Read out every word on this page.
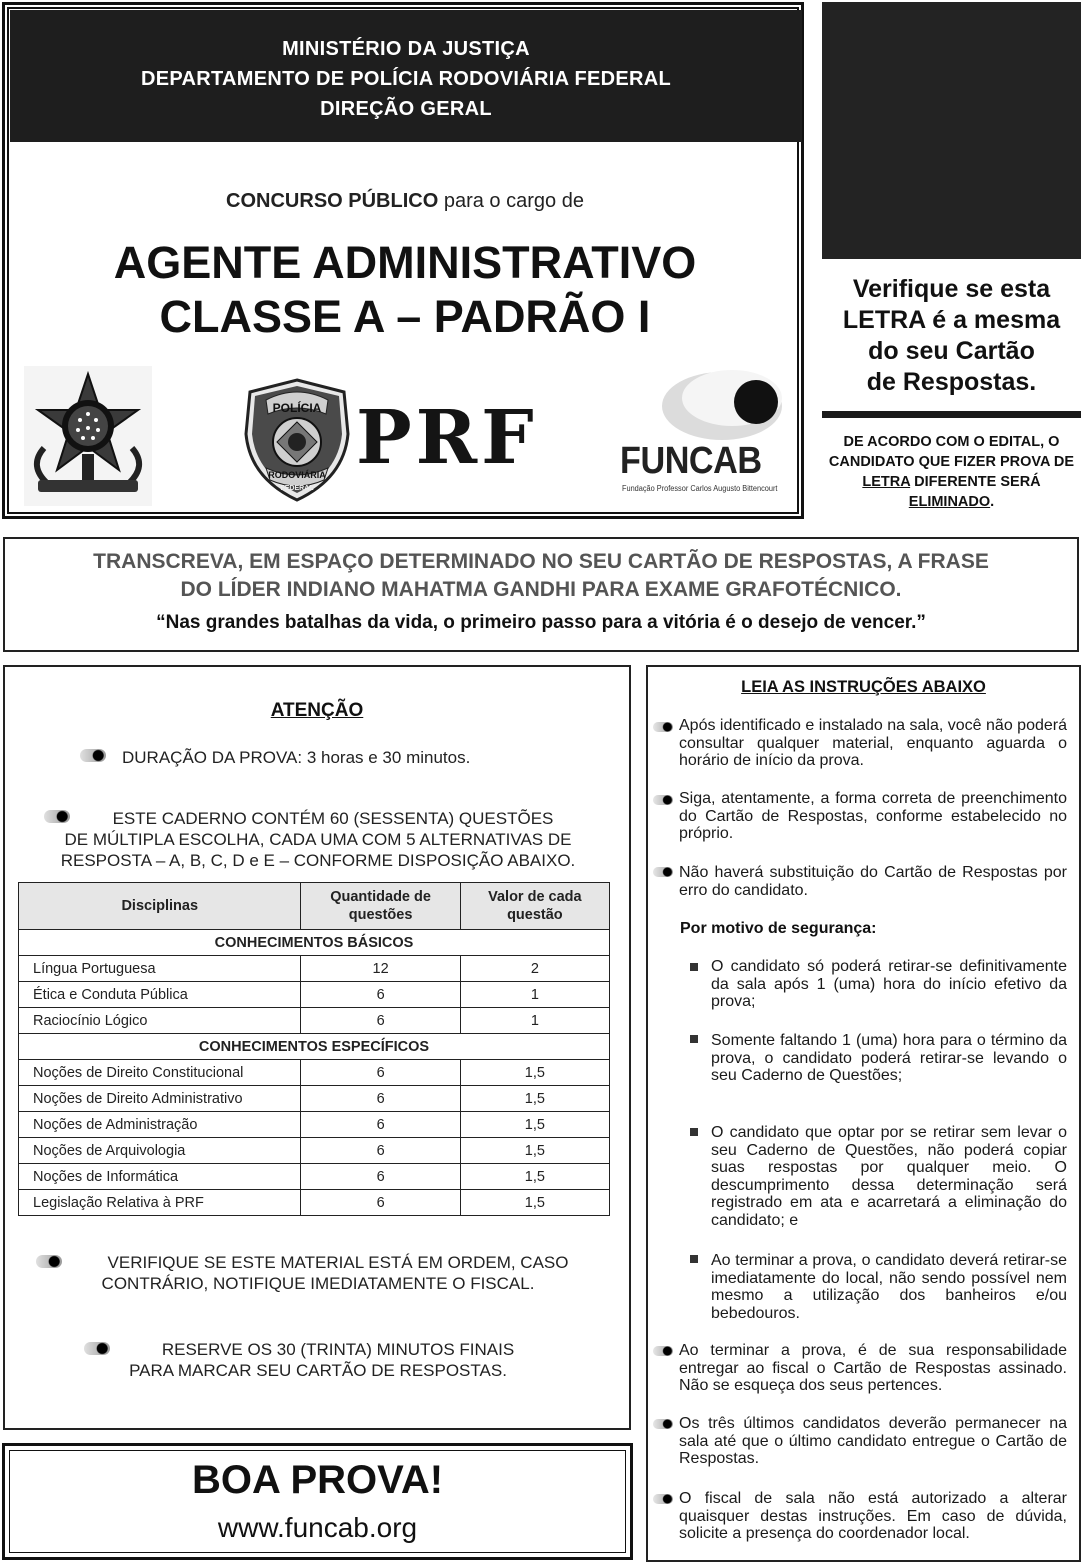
MINISTÉRIO DA JUSTIÇA
DEPARTAMENTO DE POLÍCIA RODOVIÁRIA FEDERAL
DIREÇÃO GERAL
CONCURSO PÚBLICO para o cargo de
AGENTE ADMINISTRATIVO
CLASSE A – PADRÃO I
POLÍCIA
RODOVIÁRIA
FEDERAL
PRF FUNCAB
Fundação Professor Carlos Augusto Bittencourt
Verifique se esta
LETRA é a mesma
do seu Cartão
de Respostas.
DE ACORDO COM O EDITAL, O CANDIDATO QUE FIZER PROVA DE LETRA DIFERENTE SERÁ ELIMINADO.
TRANSCREVA, EM ESPAÇO DETERMINADO NO SEU CARTÃO DE RESPOSTAS, A FRASE
DO LÍDER INDIANO MAHATMA GANDHI PARA EXAME GRAFOTÉCNICO.
“Nas grandes batalhas da vida, o primeiro passo para a vitória é o desejo de vencer.”
ATENÇÃO
DURAÇÃO DA PROVA: 3 horas e 30 minutos.
ESTE CADERNO CONTÉM 60 (SESSENTA) QUESTÕES
DE MÚLTIPLA ESCOLHA, CADA UMA COM 5 ALTERNATIVAS DE
RESPOSTA – A, B, C, D e E – CONFORME DISPOSIÇÃO ABAIXO.
Disciplinas	Quantidade de questões	Valor de cada questão
CONHECIMENTOS BÁSICOS		
Língua Portuguesa	12	2
Ética e Conduta Pública	6	1
Raciocínio Lógico	6	1
CONHECIMENTOS ESPECÍFICOS		
Noções de Direito Constitucional	6	1,5
Noções de Direito Administrativo	6	1,5
Noções de Administração	6	1,5
Noções de Arquivologia	6	1,5
Noções de Informática	6	1,5
Legislação Relativa à PRF	6	1,5
VERIFIQUE SE ESTE MATERIAL ESTÁ EM ORDEM, CASO
CONTRÁRIO, NOTIFIQUE IMEDIATAMENTE O FISCAL.
RESERVE OS 30 (TRINTA) MINUTOS FINAIS
PARA MARCAR SEU CARTÃO DE RESPOSTAS.
LEIA AS INSTRUÇÕES ABAIXO
Após identificado e instalado na sala, você não poderá consultar qualquer material, enquanto aguarda o horário de início da prova.
Siga, atentamente, a forma correta de preenchimento do Cartão de Respostas, conforme estabelecido no próprio.
Não haverá substituição do Cartão de Respostas por erro do candidato.
Por motivo de segurança:
O candidato só poderá retirar-se definitivamente da sala após 1 (uma) hora do início efetivo da prova;
Somente faltando 1 (uma) hora para o término da prova, o candidato poderá retirar-se levando o seu Caderno de Questões;
O candidato que optar por se retirar sem levar o seu Caderno de Questões, não poderá copiar suas respostas por qualquer meio. O descumprimento dessa determinação será registrado em ata e acarretará a eliminação do candidato; e
Ao terminar a prova, o candidato deverá retirar-se imediatamente do local, não sendo possível nem mesmo a utilização dos banheiros e/ou bebedouros.
Ao terminar a prova, é de sua responsabilidade entregar ao fiscal o Cartão de Respostas assinado. Não se esqueça dos seus pertences.
Os três últimos candidatos deverão permanecer na sala até que o último candidato entregue o Cartão de Respostas.
O fiscal de sala não está autorizado a alterar quaisquer destas instruções. Em caso de dúvida, solicite a presença do coordenador local.
BOA PROVA!
www.funcab.org
